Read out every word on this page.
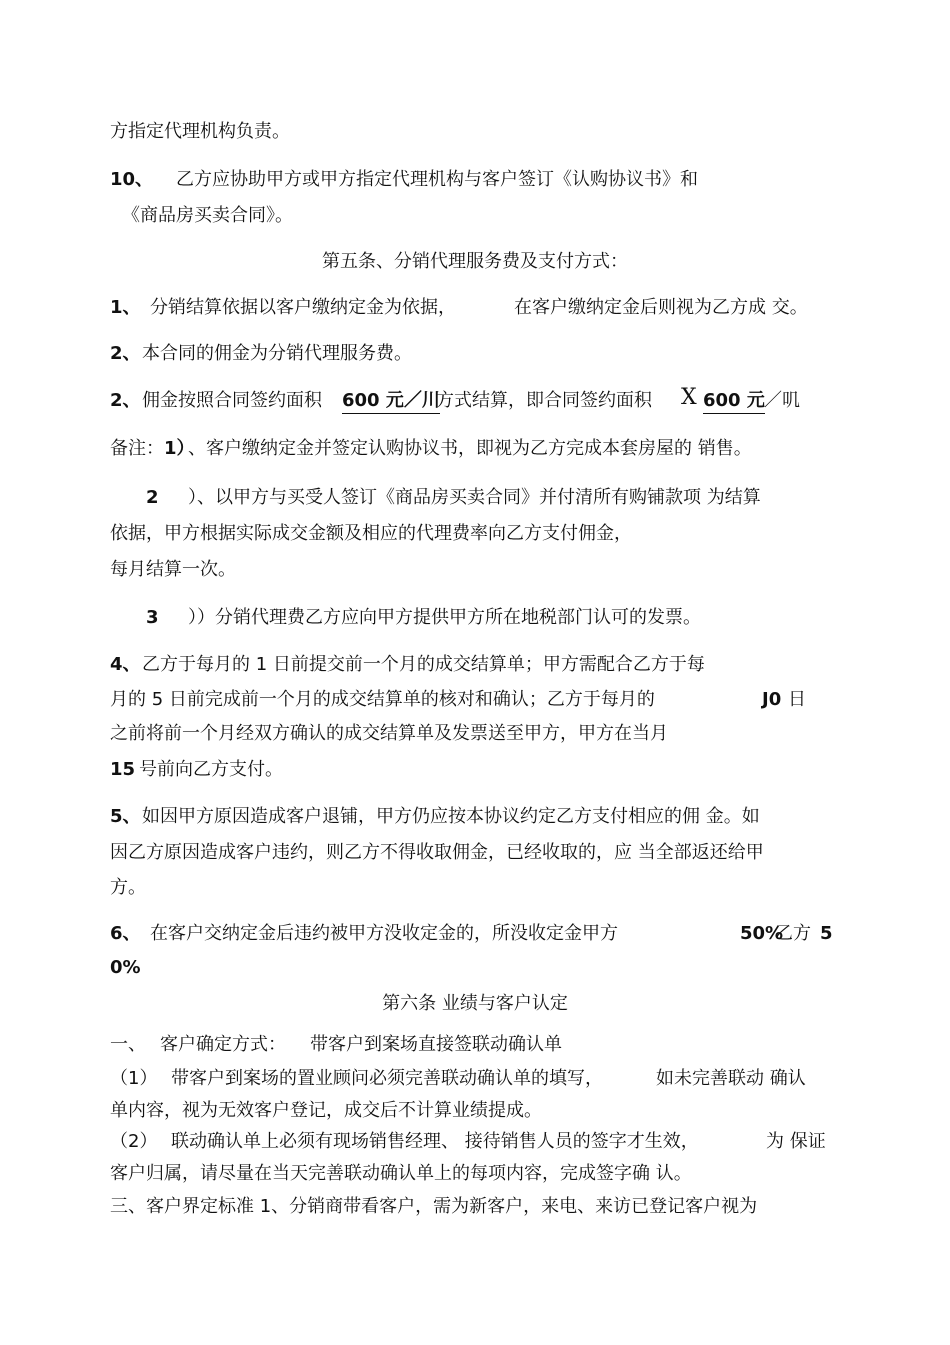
方指定代理机构负责。
10、 乙方应协助甲方或甲方指定代理机构与客户签订《认购协议书》和
《商品房买卖合同》。
第五条、分销代理服务费及支付方式：
1、 分销结算依据以客户缴纳定金为依据，	在客户缴纳定金后则视为乙方成 交。
2、 本合同的佣金为分销代理服务费。
2、 佣金按照合同签约面积 600 元／川
方式结算，即合同签约面积 X 600 元 ／叽
备注： 1）
、客户缴纳定金并签定认购协议书，即视为乙方完成本套房屋的 销售。
2 ）、以甲方与买受人签订《商品房买卖合同》并付清所有购铺款项 为结算
依据，甲方根据实际成交金额及相应的代理费率向乙方支付佣金，
每月结算一次。
3 ））分销代理费乙方应向甲方提供甲方所在地税部门认可的发票。
4、 乙方于每月的 1 日前提交前一个月的成交结算单；甲方需配合乙方于每
月的 5 日前完成前一个月的成交结算单的核对和确认；乙方于每月的	J0 日
之前将前一个月经双方确认的成交结算单及发票送至甲方，甲方在当月
15 号前向乙方支付。
5、 如因甲方原因造成客户退铺，甲方仍应按本协议约定乙方支付相应的佣 金。如
因乙方原因造成客户违约，则乙方不得收取佣金，已经收取的，应 当全部返还给甲
方。
6、 在客户交纳定金后违约被甲方没收定金的，所没收定金甲方	50%
乙方 5
0%
第六条 业绩与客户认定
一、 客户确定方式： 带客户到案场直接签联动确认单
（1） 带客户到案场的置业顾问必须完善联动确认单的填写，	如未完善联动 确认
单内容，视为无效客户登记，成交后不计算业绩提成。
（2） 联动确认单上必须有现场销售经理、 接待销售人员的签字才生效，	为 保证
客户归属，请尽量在当天完善联动确认单上的每项内容，完成签字确 认。
三、客户界定标准 1、分销商带看客户，需为新客户，来电、来访已登记客户视为
